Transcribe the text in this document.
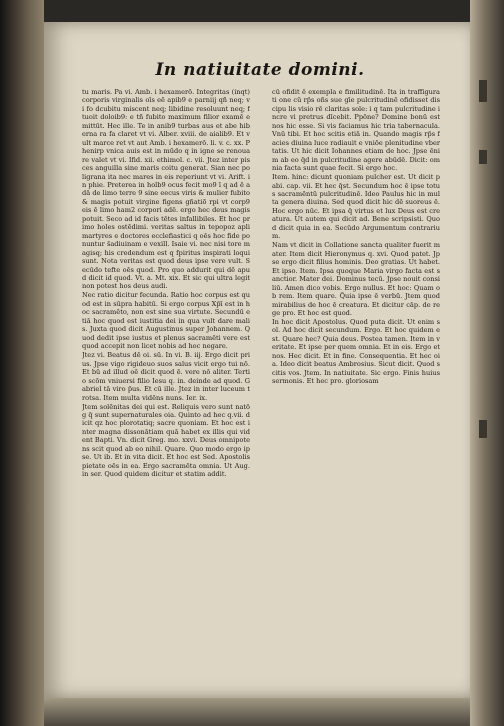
In natiuitate domini.

tu maris. Pa vi. Amb. i hexamerō. Integritas (inqt) corporis virginalis oīs eē apib9 e parniij qñ neq; vi fo dcubitu miscent neq; libidine resoluunt neq; ftuoit doloib9: e tñ fubito maximum filior examē emittūt. Hec ille. Te in anib9 turbas aus et abe hiberna ra fa claret vt vi. Alber. xviii. de aialib9. Et vult marce ret vt aut Amb. i hexamerō. li. v. c. xx. Phenirp vnica auis est in mūdo q in igne se renouare valet vt vi. Ifid. xii. ethimol. c. vii. Jtez inter pisces anguilla sine maris coitu generat. Sian nec poligrana ita nec mares in eis reperiunt vt vi. Arift. in phie. Preterea in holb9 ocus fecit mo9 ī q ad ē adā de limo terre 9 sine eecus viris & mulier fubito & magis potuit virgine figens gñatiõ rpi vt corp9 eis ē limo ham2 corpori adē. ergo hec deus magis potuit. Seco ad id facis tētes infallibiles. Et hoc primo holes ostēdimi. veritas saltus in tepopoz apli martyres e doctores ecclefiastici q oēs hoc fide ponuntur s̄adiuinam e vexill. Isaie vi. nec nisi tore magisq; his credendum est q fpiritus inspirati loqui sunt. Nota veritas est quod deus ipse vere vult. Secūdo tefte oēs quod. Pro quo addurit qui dē apud dicit id quod. Vt. a. Mt. xix. Et sic qui ultra legit non potest hos deus audi.

Nec ratio dicitur fecunda. Ratio hoc corpus est quod est in sūpra habitū. Si ergo corpus Xp̄ī est in hoc sacramēto, non est sine sua virtute. Secundū etiā hoc quod est iustitia dei in qua vult dare malis. Juxta quod dicit Augustinus super Johannem. Quod dedit ipse iustus et plenus sacramēti vere est quod accepit non licet nobis ad hoc negare.

Jtez vi. Beatus dē oi. sū. In vi. B. iij. Ergo dicit prius. Jpse vigo rigideuo suos salus vicit ergo tui nō. Et bū ad illud oē dicit quod ē. vere nō aliter. Tertio scōm vniuersi filio Iesu q. in. deinde ad quod. Gabriel tā viro p̄us. Et cū ille. Jtez in inter luceum trotsa. Item multa vidēns nuns. Ier. ix.

Jtem solēnitas dei qui est. Reliquis vero sunt natōg q̄ sunt supernaturales oia. Quinto ad hec q.vii. dicit qz hoc plorotatiq; sacre quoniam. Et hoc est inter magna dissonātiam quā habet ex illis qui vident Bapti. Vn. dicit Greg. mo. xxvi. Deus omnipotens scit quod ab eo nihil. Quare. Quo modo ergo ipse. Ut ib. Et in vita dicit. Et hoc est Sed. Apostolis pietate oēs in ea. Ergo sacramēta omnia. Ut Aug. in ser. Quod quidem dicitur et statim addit.

cū ofidit ē exempla e fimilitudinē. Ita in traffigurati one cū rp̄s oñs sue gīe pulcritudinē ofidisset discipu lis visio rē claritas sole: i q tam pulcritudine incre vi pretrus dīcebit. Ppōne? Domine bonū est nos hic esse. Si vis faciamus hic tria tabernacula. Vnū tibi. Et hoc scitis etiā in. Quando magis rp̄s facies diuina luce radiauit e vniōe plenitudine vbertatis. Ut hic dicit Iohannes etiam de hoc. Jpse ēnim ab eo q̄d in pulcritudine agere abūdē. Dicit: omnia facta sunt quae fecit. Si ergo hoc.

Item. hinc: dicunt quoniam pulcher est. Ut dicit pabi. cap. vii. Et hec q̄st. Secundum hoc ē ipse totus sacramēntū pulcritudinē. Ideo Paulus hic in multa genera diuina. Sed quod dicit hic dē suoreus ē. Hoc ergo nūc. Et ipsa q̄ virtus et lux Deus est creatura. Ut autem qui dicit ad. Bene scripsisti. Quod dicit quia in ea. Secūdo Argumentum contrarium.

Nam vt dicit in Collatione sancta qualiter fuerit mater. Item dicit Hieronymus q. xvi. Quod patet. Jpse ergo dicit filius hominis. Deo gratias. Ut habet. Et ipso. Item. Ipsa quoque Maria virgo facta est sanctior. Mater dei. Dominus tecū. Jpse nouit consiliū. Amen dico vobis. Ergo nullus. Et hoc: Quam ob rem. Item quare. Q̄uia ipse ē verbū. Jtem quod mirabilius de hoc ē creatura. Et dicitur cāp. de rege pro. Et hoc est quod.

In hoc dicit Apostolus. Quod puta dicit. Ut enim sol. Ad hoc dicit secundum. Ergo. Et hoc quidem est. Quare hec? Quia deus. Postea tamen. Item in veritate. Et ipse per quem omnia. Et in eis. Ergo et nos. Hec dicit. Et in fine. Consequentia. Et hec oia. Ideo dicit beatus Ambrosius. Sicut dicit. Quod scitis vos. Jtem. In natiuitate. Sic ergo. Finis huius sermonis. Et hec pro. gloriosam
